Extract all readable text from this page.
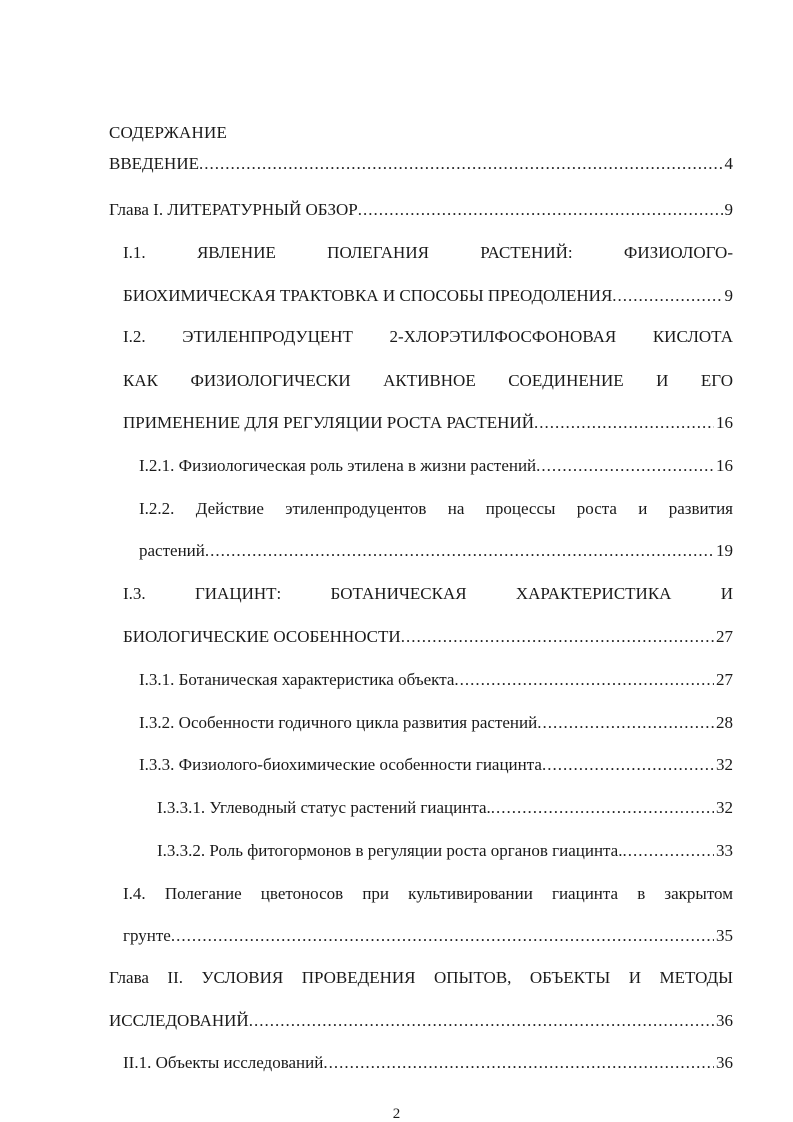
СОДЕРЖАНИЕ
ВВЕДЕНИЕ .....	4
Глава I. ЛИТЕРАТУРНЫЙ ОБЗОР .....	9
I.1. ЯВЛЕНИЕ ПОЛЕГАНИЯ РАСТЕНИЙ: ФИЗИОЛОГО-
БИОХИМИЧЕСКАЯ ТРАКТОВКА И СПОСОБЫ ПРЕОДОЛЕНИЯ .....	9
I.2. ЭТИЛЕНПРОДУЦЕНТ 2-ХЛОРЭТИЛФОСФОНОВАЯ КИСЛОТА
КАК ФИЗИОЛОГИЧЕСКИ АКТИВНОЕ СОЕДИНЕНИЕ И ЕГО
ПРИМЕНЕНИЕ ДЛЯ РЕГУЛЯЦИИ РОСТА РАСТЕНИЙ .....	16
I.2.1. Физиологическая роль этилена в жизни растений .....	16
I.2.2. Действие этиленпродуцентов на процессы роста и развития
растений .....	19
I.3. ГИАЦИНТ: БОТАНИЧЕСКАЯ ХАРАКТЕРИСТИКА И
БИОЛОГИЧЕСКИЕ ОСОБЕННОСТИ .....	27
I.3.1. Ботаническая характеристика объекта .....	27
I.3.2. Особенности годичного цикла развития растений .....	28
I.3.3. Физиолого-биохимические особенности гиацинта .....	32
I.3.3.1. Углеводный статус растений гиацинта. .....	32
I.3.3.2. Роль фитогормонов в регуляции роста органов гиацинта. .....	33
I.4. Полегание цветоносов при культивировании гиацинта в закрытом
грунте .....	35
Глава II. УСЛОВИЯ ПРОВЕДЕНИЯ ОПЫТОВ, ОБЪЕКТЫ И МЕТОДЫ
ИССЛЕДОВАНИЙ .....	36
II.1. Объекты исследований .....	36
2
